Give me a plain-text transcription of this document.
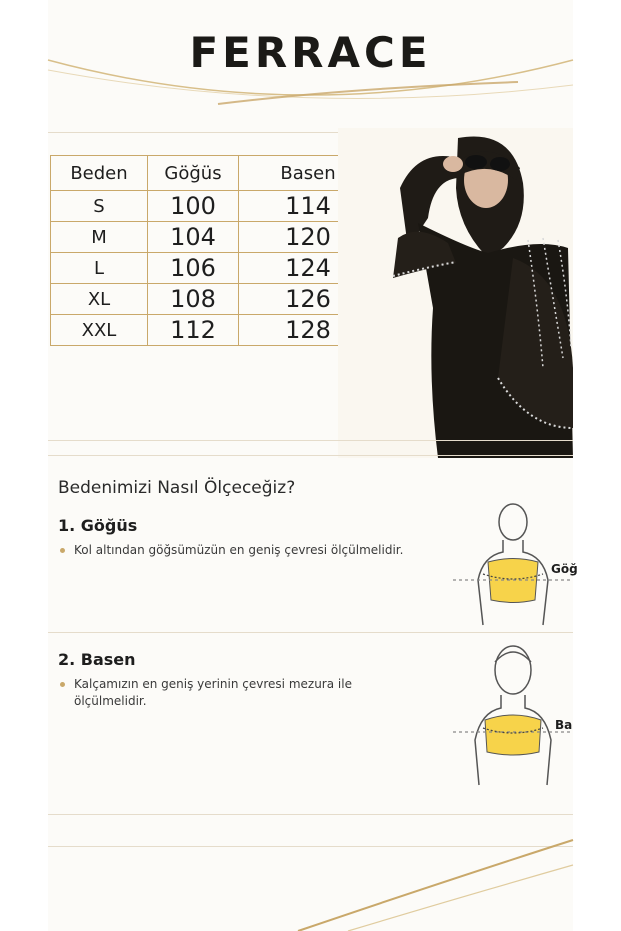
FERRACE
Beden	Göğüs	Basen
S	100	114
M	104	120
L	106	124
XL	108	126
XXL	112	128
Bedenimizi Nasıl Ölçeceğiz?
1. Göğüs
Kol altından göğsümüzün en geniş çevresi ölçülmelidir.
Göğ
2. Basen
Kalçamızın en geniş yerinin çevresi mezura ile ölçülmelidir.
Ba
